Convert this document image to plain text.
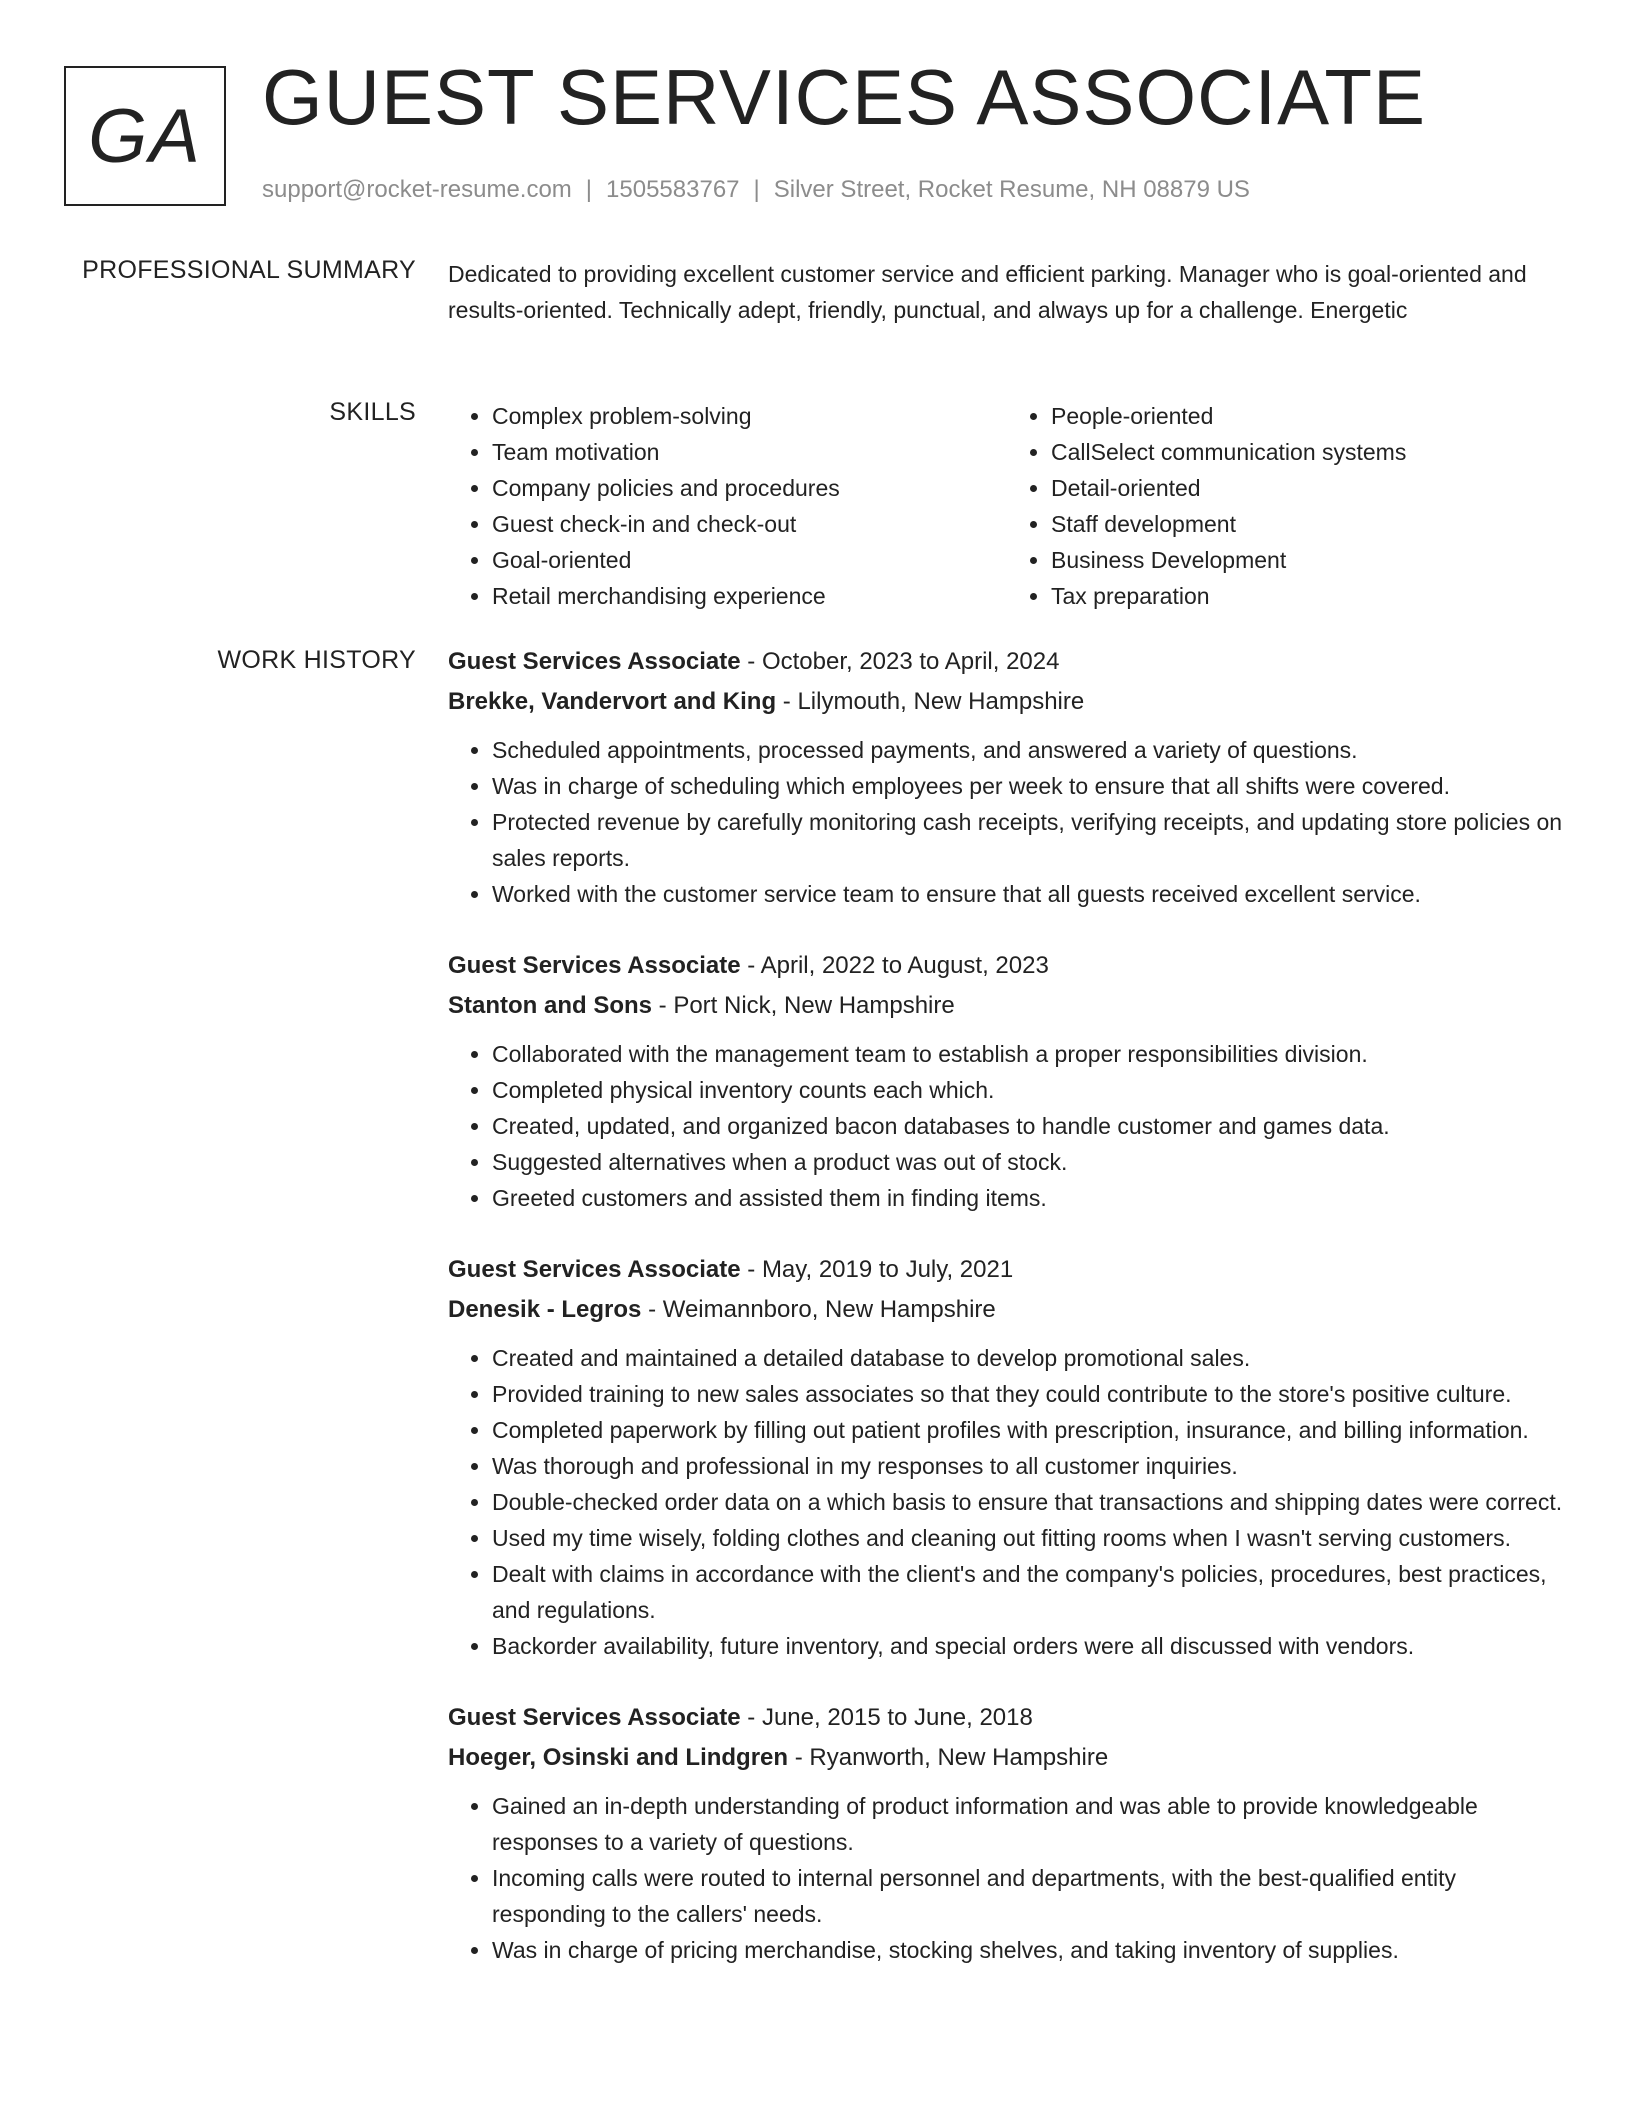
GA GUEST SERVICES ASSOCIATE
support@rocket-resume.com | 1505583767 | Silver Street, Rocket Resume, NH 08879 US
PROFESSIONAL SUMMARY Dedicated to providing excellent customer service and efficient parking. Manager who is goal-oriented and results-oriented. Technically adept, friendly, punctual, and always up for a challenge. Energetic
SKILLS
•	Complex problem-solving
• Team motivation
• Company policies and procedures
• Guest check-in and check-out
• Goal-oriented
• Retail merchandising experience
• People-oriented
• CallSelect communication systems
• Detail-oriented
• Staff development
• Business Development
• Tax preparation
WORK HISTORY Guest Services Associate - October, 2023 to April, 2024
Brekke, Vandervort and King - Lilymouth, New Hampshire
• Scheduled appointments, processed payments, and answered a variety of questions.
• Was in charge of scheduling which employees per week to ensure that all shifts were covered.
• Protected revenue by carefully monitoring cash receipts, verifying receipts, and updating store policies on sales reports.
• Worked with the customer service team to ensure that all guests received excellent service.
Guest Services Associate - April, 2022 to August, 2023
Stanton and Sons - Port Nick, New Hampshire
• Collaborated with the management team to establish a proper responsibilities division.
• Completed physical inventory counts each which.
• Created, updated, and organized bacon databases to handle customer and games data.
• Suggested alternatives when a product was out of stock.
• Greeted customers and assisted them in finding items.
Guest Services Associate - May, 2019 to July, 2021
Denesik - Legros - Weimannboro, New Hampshire
• Created and maintained a detailed database to develop promotional sales.
• Provided training to new sales associates so that they could contribute to the store's positive culture.
• Completed paperwork by filling out patient profiles with prescription, insurance, and billing information.
• Was thorough and professional in my responses to all customer inquiries.
• Double-checked order data on a which basis to ensure that transactions and shipping dates were correct.
• Used my time wisely, folding clothes and cleaning out fitting rooms when I wasn't serving customers.
• Dealt with claims in accordance with the client's and the company's policies, procedures, best practices, and regulations.
• Backorder availability, future inventory, and special orders were all discussed with vendors.
Guest Services Associate - June, 2015 to June, 2018
Hoeger, Osinski and Lindgren - Ryanworth, New Hampshire
• Gained an in-depth understanding of product information and was able to provide knowledgeable responses to a variety of questions.
• Incoming calls were routed to internal personnel and departments, with the best-qualified entity responding to the callers' needs.
• Was in charge of pricing merchandise, stocking shelves, and taking inventory of supplies.
